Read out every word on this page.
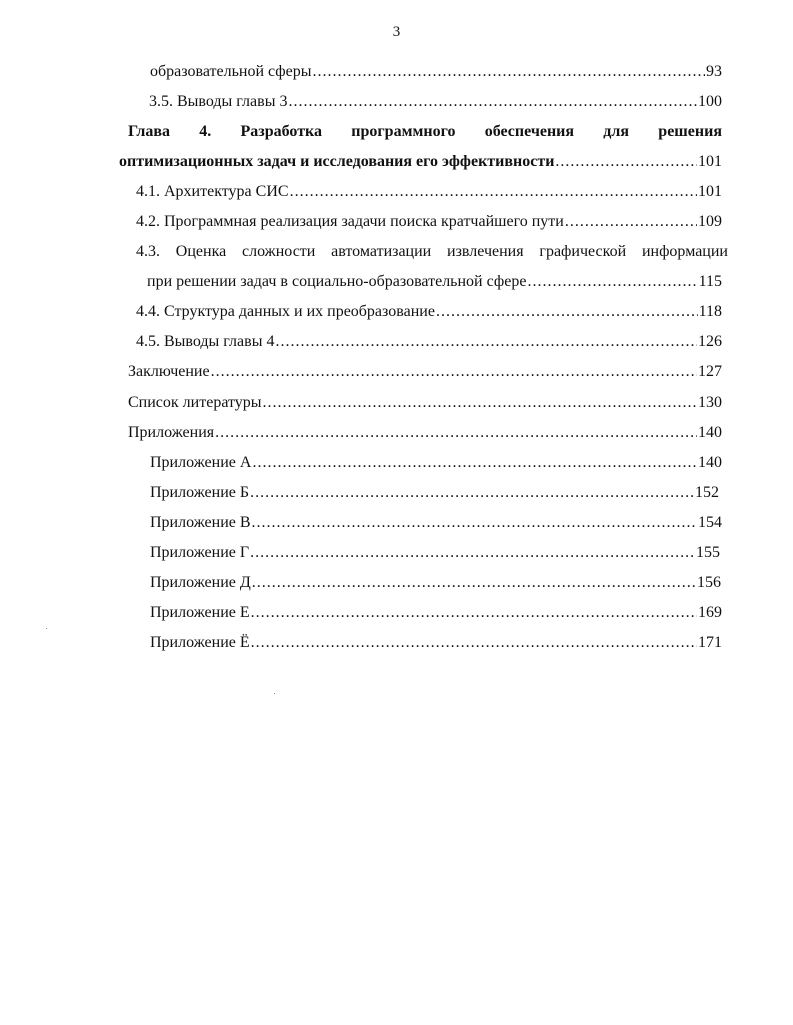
3
образовательной сферы .....	93
3.5. Выводы главы 3 .....	100
Глава 4. Разработка программного обеспечения для решения
оптимизационных задач и исследования его эффективности .....	101
4.1. Архитектура СИС .....	101
4.2. Программная реализация задачи поиска кратчайшего пути .....	109
4.3. Оценка сложности автоматизации извлечения графической информации
при решении задач в социально-образовательной сфере .....	115
4.4. Структура данных и их преобразование .....	118
4.5. Выводы главы 4 .....	126
Заключение .....	127
Список литературы .....	130
Приложения .....	140
Приложение А .....	140
Приложение Б .....	152
Приложение В .....	154
Приложение Г .....	155
Приложение Д .....	156
Приложение Е .....	169
Приложение Ё .....	171
